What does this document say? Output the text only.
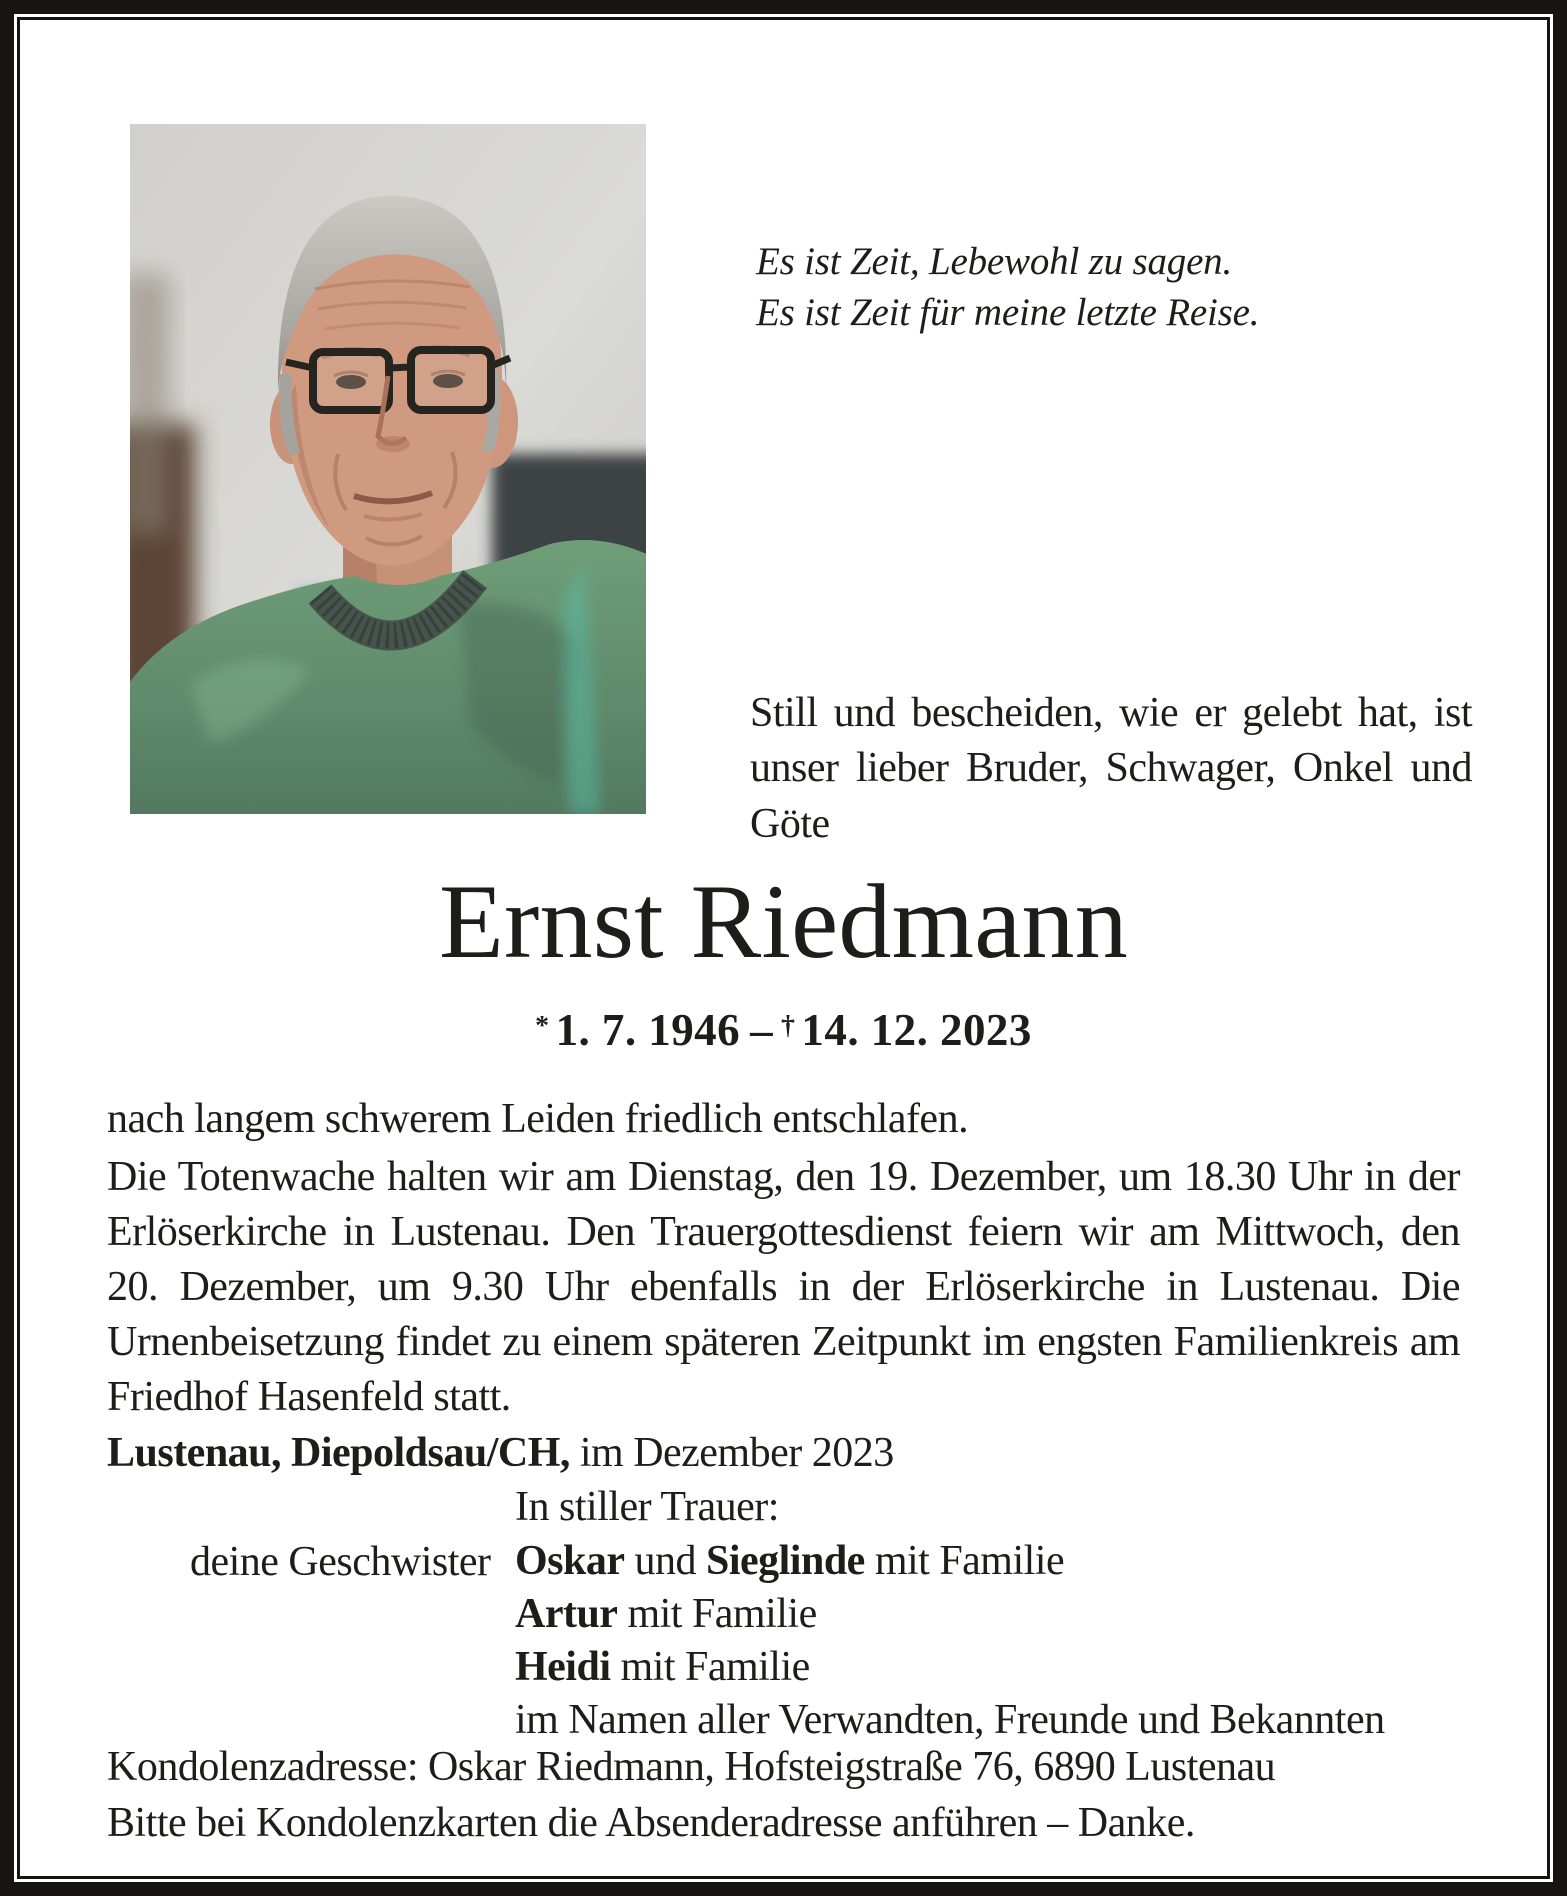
Es ist Zeit, Lebewohl zu sagen.
Es ist Zeit für meine letzte Reise.
Still und bescheiden, wie er gelebt hat, ist unser lieber Bruder, Schwager, Onkel und Göte
Ernst Riedmann
* 1. 7. 1946 – † 14. 12. 2023
nach langem schwerem Leiden friedlich entschlafen.
Die Totenwache halten wir am Dienstag, den 19. Dezember, um 18.30 Uhr in der Erlöserkirche in Lustenau. Den Trauergottesdienst feiern wir am Mittwoch, den 20. Dezember, um 9.30 Uhr ebenfalls in der Erlöserkirche in Lustenau. Die Urnenbeisetzung findet zu einem späteren Zeitpunkt im engsten Familienkreis am Friedhof Hasenfeld statt.
Lustenau, Diepoldsau/CH, im Dezember 2023
In stiller Trauer:
deine Geschwister Oskar und Sieglinde mit Familie
Artur mit Familie
Heidi mit Familie
im Namen aller Verwandten, Freunde und Bekannten
Kondolenzadresse: Oskar Riedmann, Hofsteigstraße 76, 6890 Lustenau
Bitte bei Kondolenzkarten die Absenderadresse anführen – Danke.
